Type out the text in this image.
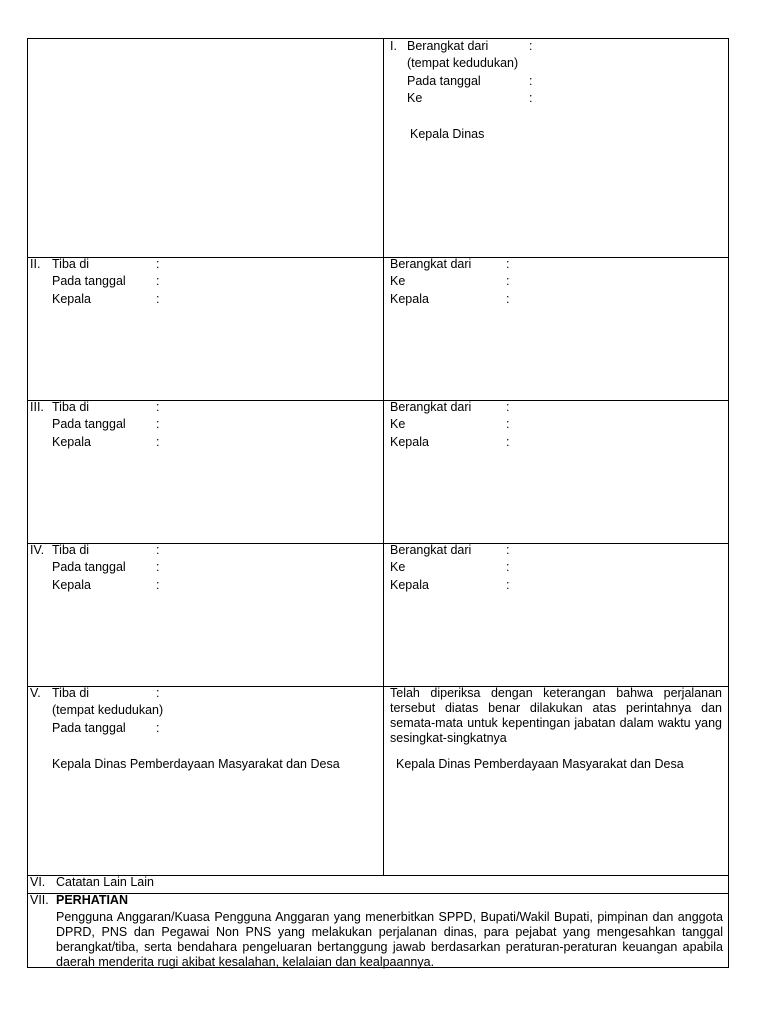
I. Berangkat dari	:
(tempat kedudukan)
Pada tanggal	:
Ke	:
Kepala Dinas
II. Tiba di	:
Pada tanggal :
Kepala	:
Berangkat dari	:
Ke	:
Kepala	:
III. Tiba di	:
Pada tanggal :
Kepala	:
Berangkat dari	:
Ke	:
Kepala	:
IV. Tiba di	:
Pada tanggal :
Kepala	:
Berangkat dari	:
Ke	:
Kepala	:
V. Tiba di	:
(tempat kedudukan)
Pada tanggal :
Kepala Dinas Pemberdayaan Masyarakat dan Desa
Telah diperiksa dengan keterangan bahwa perjalanan tersebut diatas benar dilakukan atas perintahnya dan semata-mata untuk kepentingan jabatan dalam waktu yang sesingkat-singkatnya
Kepala Dinas Pemberdayaan Masyarakat dan Desa
VI. Catatan Lain Lain
VII. PERHATIAN
Pengguna Anggaran/Kuasa Pengguna Anggaran yang menerbitkan SPPD, Bupati/Wakil Bupati, pimpinan dan anggota DPRD, PNS dan Pegawai Non PNS yang melakukan perjalanan dinas, para pejabat yang mengesahkan tanggal berangkat/tiba, serta bendahara pengeluaran bertanggung jawab berdasarkan peraturan-peraturan keuangan apabila daerah menderita rugi akibat kesalahan, kelalaian dan kealpaannya.
